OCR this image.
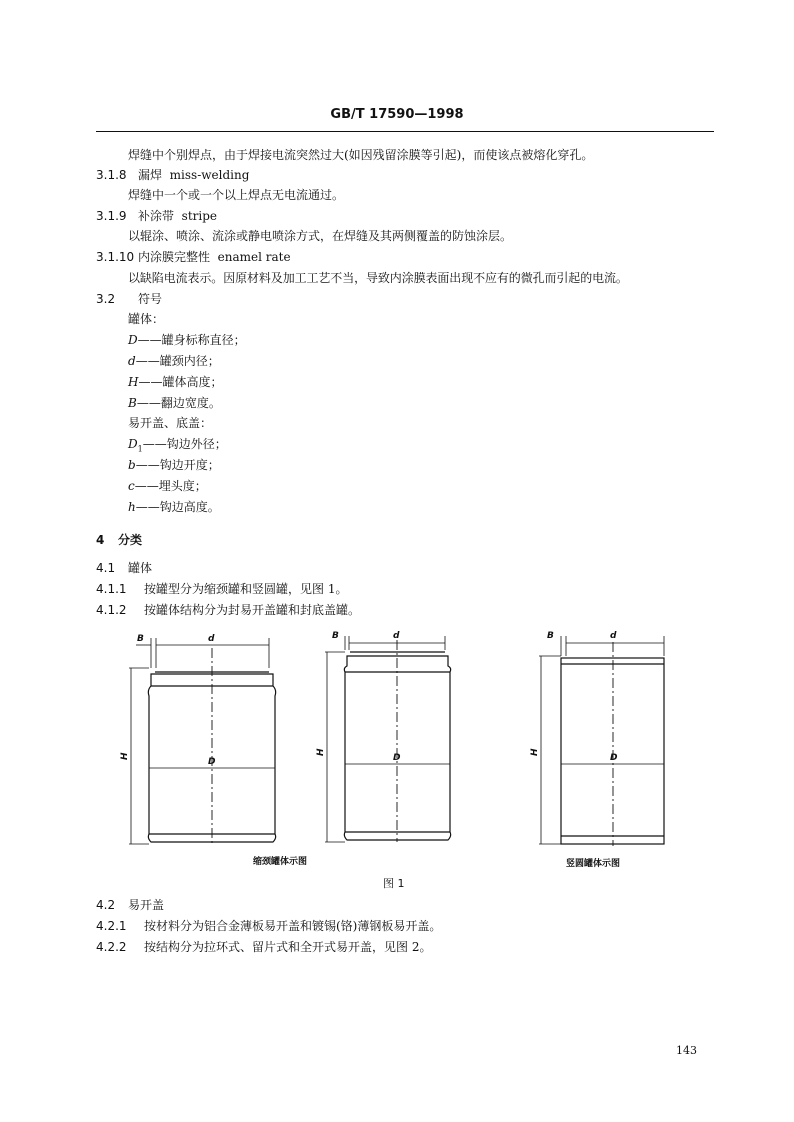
GB/T 17590—1998
焊缝中个别焊点，由于焊接电流突然过大(如因残留涂膜等引起)，而使该点被熔化穿孔。
3.1.8 漏焊 miss-welding
焊缝中一个或一个以上焊点无电流通过。
3.1.9 补涂带 stripe
以辊涂、喷涂、流涂或静电喷涂方式，在焊缝及其两侧覆盖的防蚀涂层。
3.1.10 内涂膜完整性 enamel rate
以缺陷电流表示。因原材料及加工工艺不当，导致内涂膜表面出现不应有的微孔而引起的电流。
3.2 符号
罐体：
D——罐身标称直径；
d——罐颈内径；
H——罐体高度；
B——翻边宽度。
易开盖、底盖：
$D_1——$钩边外径；
b——钩边开度；
c——埋头度；
h——钩边高度。
4 分类
4.1 罐体
4.1.1 按罐型分为缩颈罐和竖圆罐，见图 1。
4.1.2 按罐体结构分为封易开盖罐和封底盖罐。
B	d
H
D
B	d
H
D
B	d
H
D
缩颈罐体示图	竖圆罐体示图
图 1
4.2 易开盖
4.2.1 按材料分为铝合金薄板易开盖和镀锡(铬)薄钢板易开盖。
4.2.2 按结构分为拉环式、留片式和全开式易开盖，见图 2。
143
